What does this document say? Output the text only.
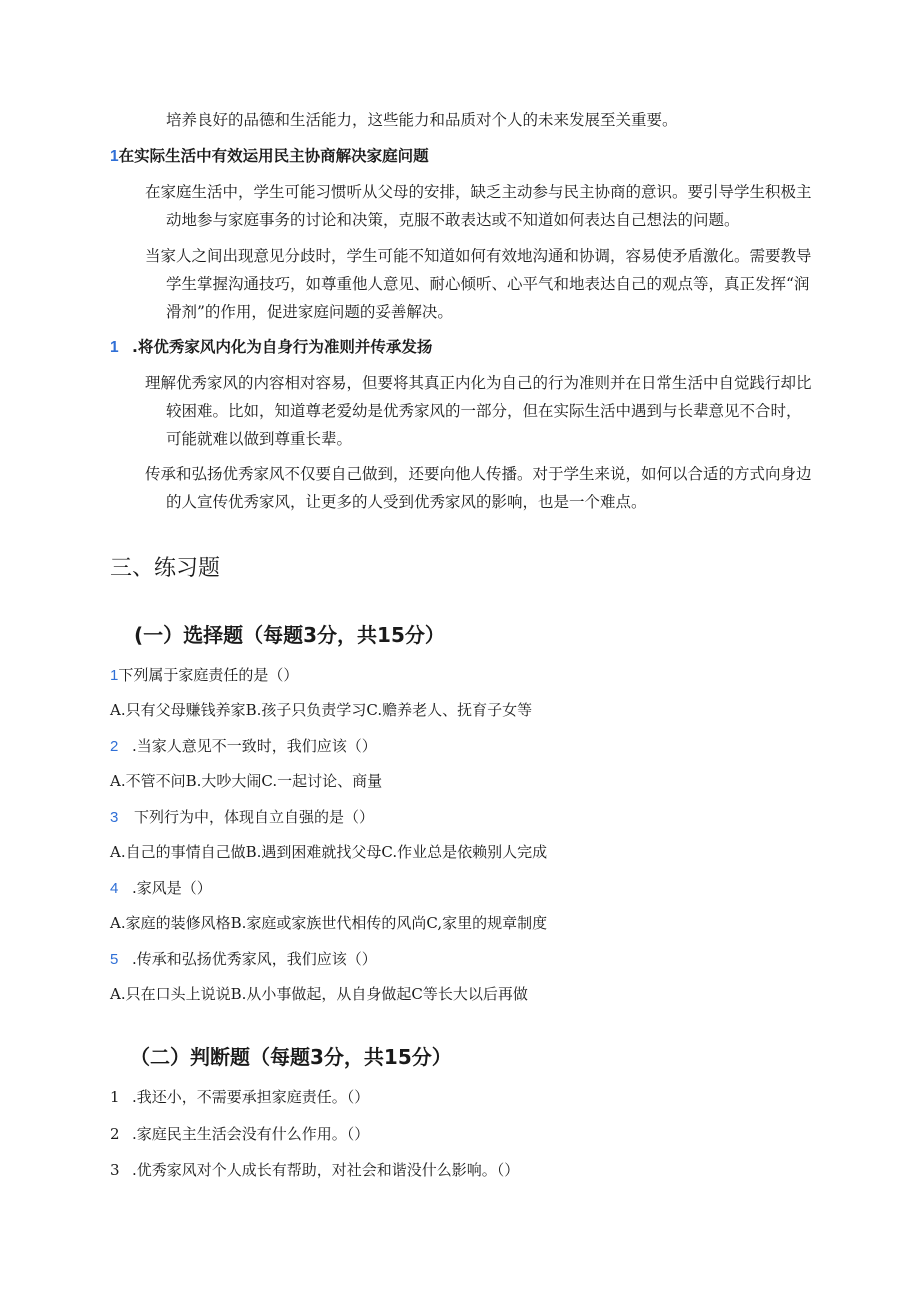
培养良好的品德和生活能力，这些能力和品质对个人的未来发展至关重要。
1在实际生活中有效运用民主协商解决家庭问题
在家庭生活中，学生可能习惯听从父母的安排，缺乏主动参与民主协商的意识。要引导学生积极主
动地参与家庭事务的讨论和决策，克服不敢表达或不知道如何表达自己想法的问题。
当家人之间出现意见分歧时，学生可能不知道如何有效地沟通和协调，容易使矛盾激化。需要教导
学生掌握沟通技巧，如尊重他人意见、耐心倾听、心平气和地表达自己的观点等，真正发挥“润
滑剂”的作用，促进家庭问题的妥善解决。
1 .将优秀家风内化为自身行为准则并传承发扬
理解优秀家风的内容相对容易，但要将其真正内化为自己的行为准则并在日常生活中自觉践行却比
较困难。比如，知道尊老爱幼是优秀家风的一部分，但在实际生活中遇到与长辈意见不合时，
可能就难以做到尊重长辈。
传承和弘扬优秀家风不仅要自己做到，还要向他人传播。对于学生来说，如何以合适的方式向身边
的人宣传优秀家风，让更多的人受到优秀家风的影响，也是一个难点。
三、练习题
(一）选择题（每题3分，共15分）
1下列属于家庭责任的是（）
A.只有父母赚钱养家B.孩子只负责学习C.赡养老人、抚育子女等
2 .当家人意见不一致时，我们应该（）
A.不管不问B.大吵大闹C.一起讨论、商量
3 下列行为中，体现自立自强的是（）
A.自己的事情自己做B.遇到困难就找父母C.作业总是依赖别人完成
4 .家风是（）
A.家庭的装修风格B.家庭或家族世代相传的风尚C,家里的规章制度
5 .传承和弘扬优秀家风，我们应该（）
A.只在口头上说说B.从小事做起，从自身做起C等长大以后再做
（二）判断题（每题3分，共15分）
1 .我还小，不需要承担家庭责任。（）
2 .家庭民主生活会没有什么作用。（）
3 .优秀家风对个人成长有帮助，对社会和谐没什么影响。（）
